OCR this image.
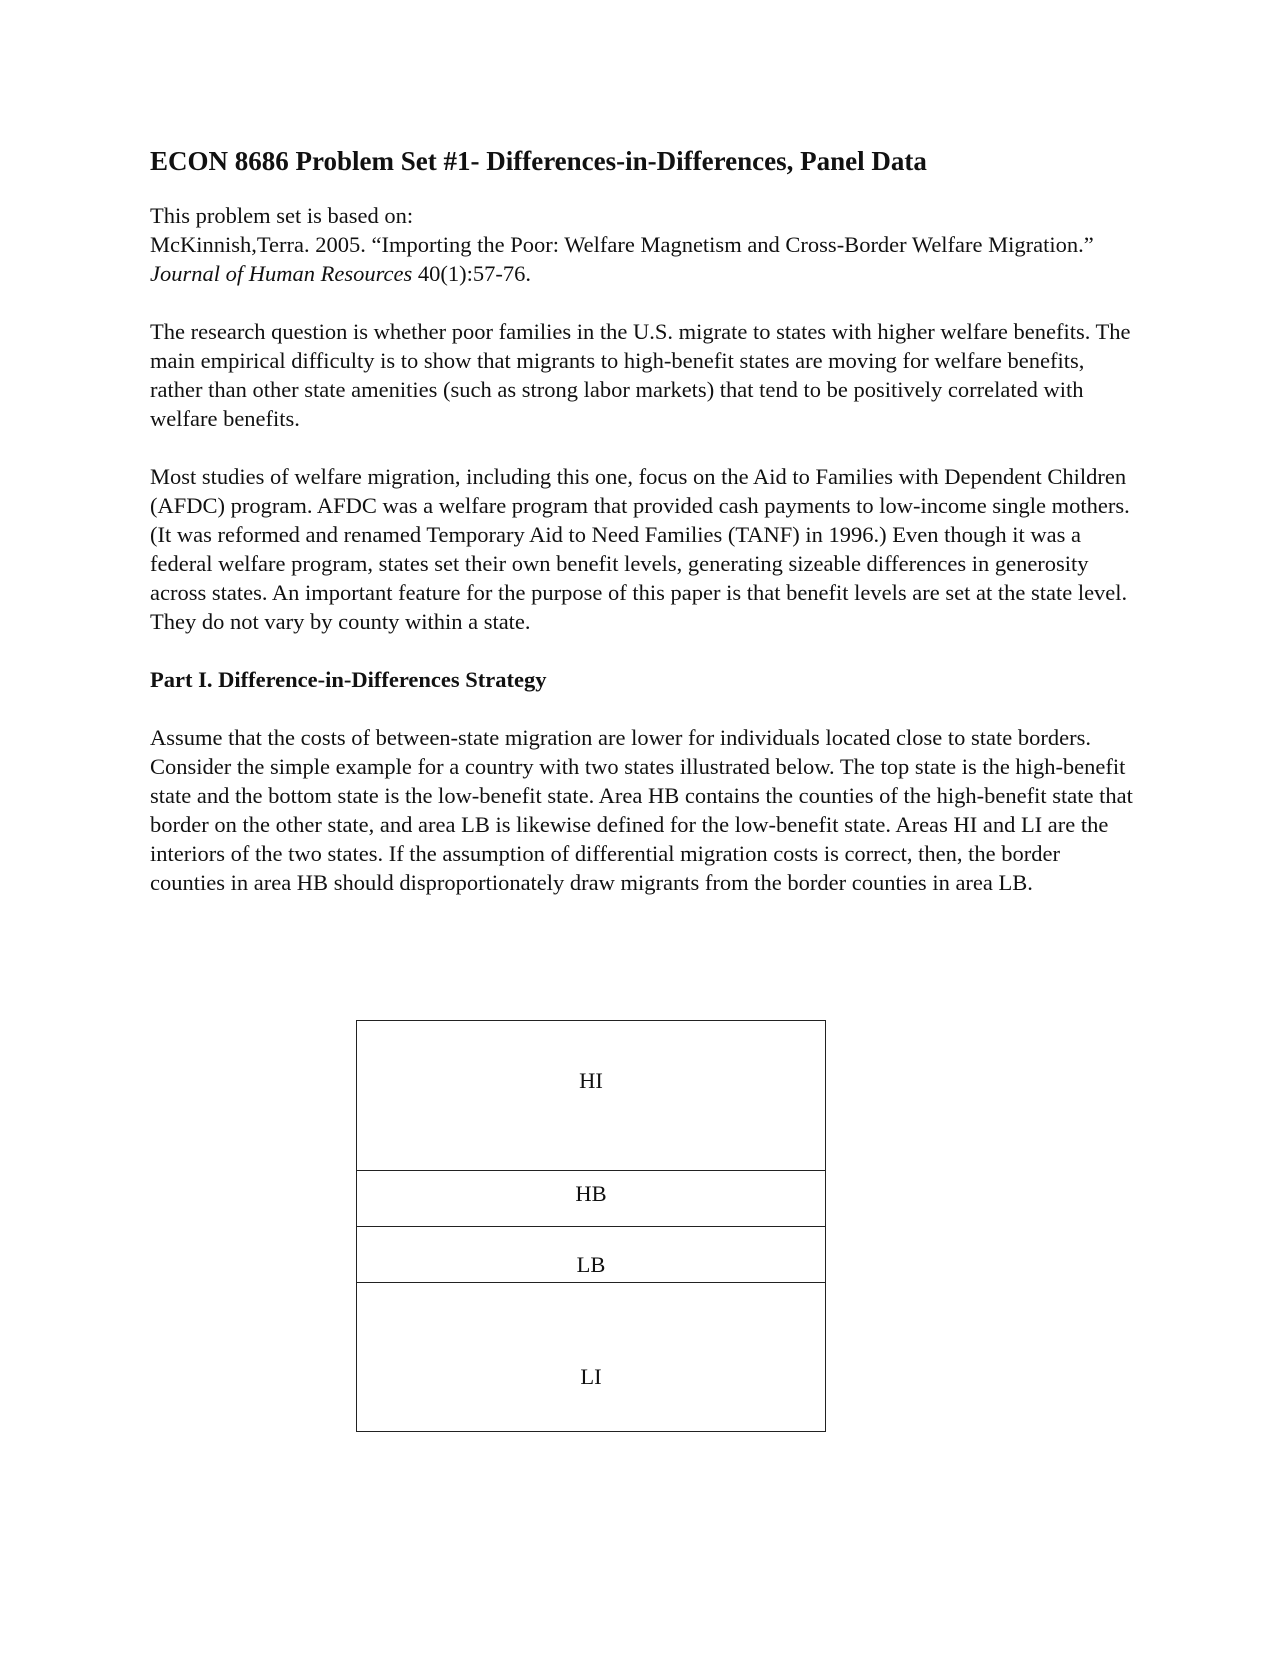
ECON 8686 Problem Set #1- Differences-in-Differences, Panel Data

This problem set is based on:
McKinnish,Terra. 2005. “Importing the Poor: Welfare Magnetism and Cross-Border Welfare Migration.” Journal of Human Resources 40(1):57-76.

The research question is whether poor families in the U.S. migrate to states with higher welfare benefits. The main empirical difficulty is to show that migrants to high-benefit states are moving for welfare benefits, rather than other state amenities (such as strong labor markets) that tend to be positively correlated with welfare benefits.

Most studies of welfare migration, including this one, focus on the Aid to Families with Dependent Children (AFDC) program. AFDC was a welfare program that provided cash payments to low-income single mothers. (It was reformed and renamed Temporary Aid to Need Families (TANF) in 1996.) Even though it was a federal welfare program, states set their own benefit levels, generating sizeable differences in generosity across states. An important feature for the purpose of this paper is that benefit levels are set at the state level. They do not vary by county within a state.

Part I. Difference-in-Differences Strategy

Assume that the costs of between-state migration are lower for individuals located close to state borders. Consider the simple example for a country with two states illustrated below. The top state is the high-benefit state and the bottom state is the low-benefit state. Area HB contains the counties of the high-benefit state that border on the other state, and area LB is likewise defined for the low-benefit state. Areas HI and LI are the interiors of the two states. If the assumption of differential migration costs is correct, then, the border counties in area HB should disproportionately draw migrants from the border counties in area LB.

HI
HB
LB
LI
